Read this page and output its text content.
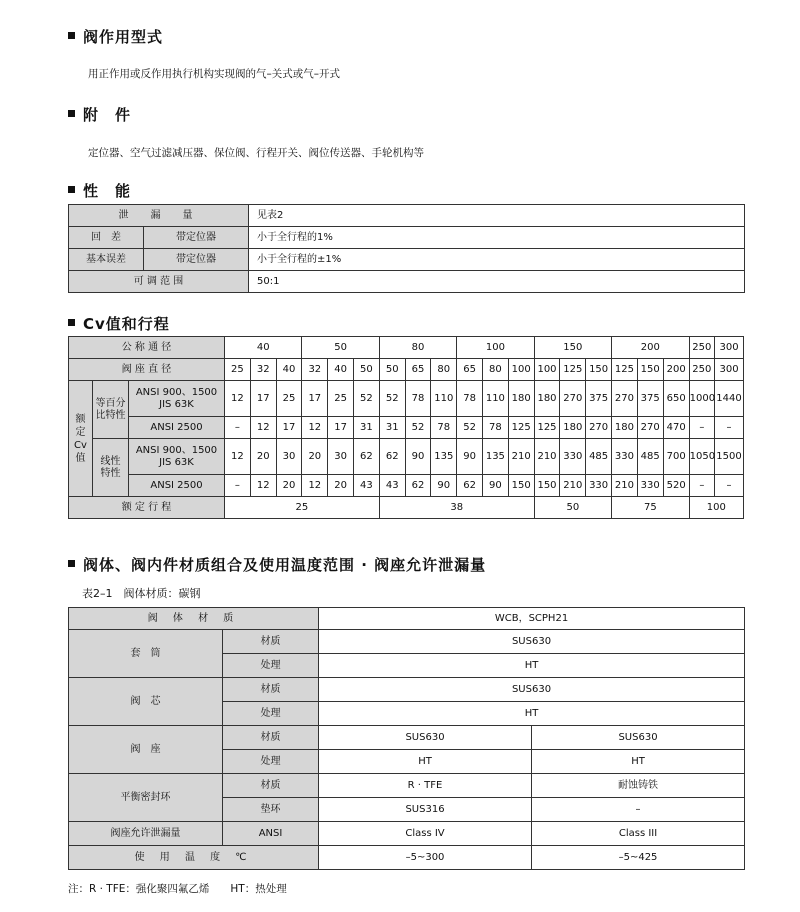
阀作用型式
用正作用或反作用执行机构实现阀的气–关式或气–开式
附　件
定位器、空气过滤减压器、保位阀、行程开关、阀位传送器、手轮机构等
性　能
泄　漏　量		见表2
回　差	带定位器	小于全行程的1%
基本误差	带定位器	小于全行程的±1%
可 调 范 围		50:1
Cv值和行程
公 称 通 径			40			50			80			100			150			200			250	300
阀 座 直 径			25	32	40	32	40	50	50	65	80	65	80	100	100	125	150	125	150	200	250	300
额
定
Cv
值	等百分
比特性	ANSI 900、1500
JIS 63K	12	17	25	17	25	52	52	78	110	78	110	180	180	270	375	270	375	650	1000	1440
		ANSI 2500	–	12	17	12	17	31	31	52	78	52	78	125	125	180	270	180	270	470	–	–
	线性
特性	ANSI 900、1500
JIS 63K	12	20	30	20	30	62	62	90	135	90	135	210	210	330	485	330	485	700	1050	1500
		ANSI 2500	–	12	20	12	20	43	43	62	90	62	90	150	150	210	330	210	330	520	–	–
额 定 行 程			25						38						50			75			100	
阀体、阀内件材质组合及使用温度范围 · 阀座允许泄漏量
表2–1　阀体材质：碳钢
阀 体 材 质		WCB，SCPH21	
套　筒	材质	SUS630	
	处理	HT	
阀　芯	材质	SUS630	
	处理	HT	
阀　座	材质	SUS630	SUS630
	处理	HT	HT
平衡密封环	材质	R · TFE	耐蚀铸铁
	垫环	SUS316	–
阀座允许泄漏量	ANSI	Class IV	Class III
使 用 温 度 ℃		–5~300	–5~425
注：R · TFE：强化聚四氟乙烯　　HT：热处理
